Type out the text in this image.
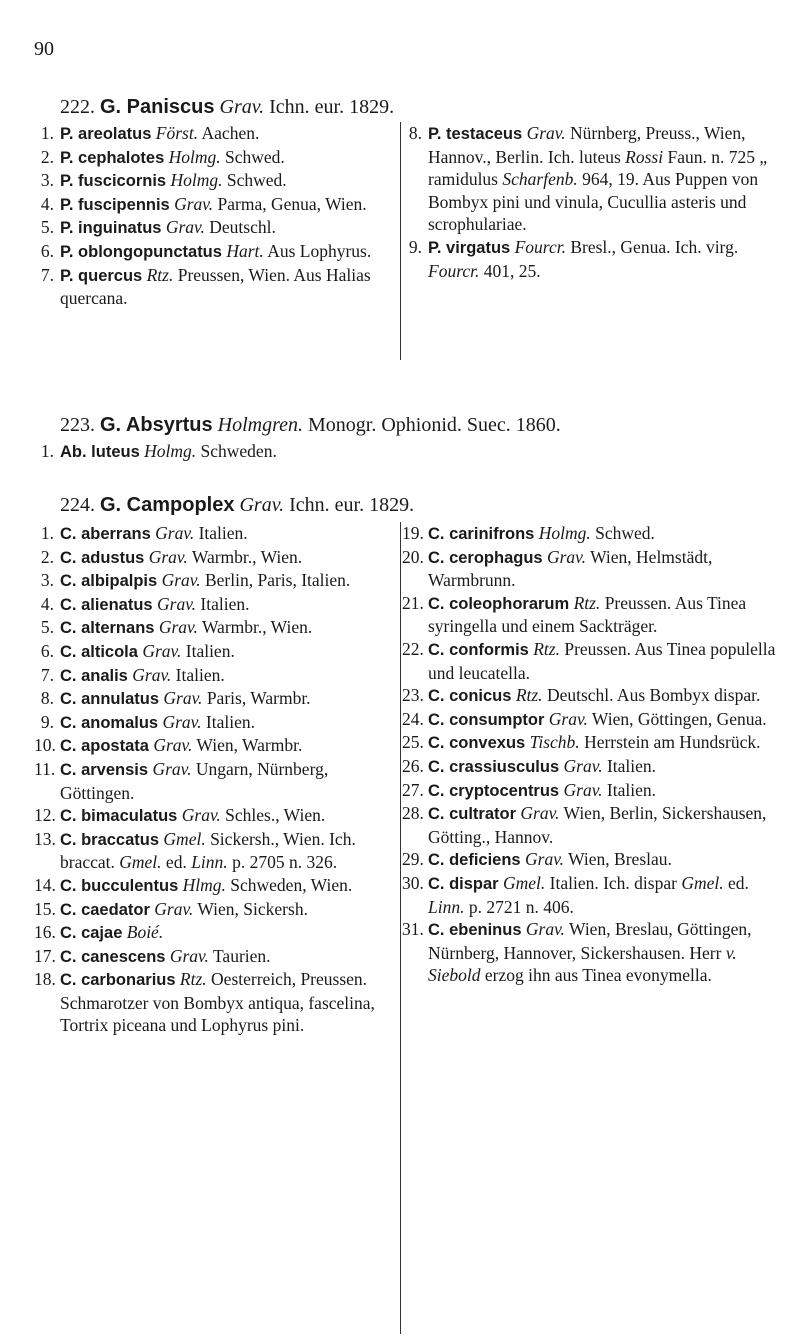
90
222. G. Paniscus Grav. Ichn. eur. 1829.
1. P. areolatus Först. Aachen.
2. P. cephalotes Holmg. Schwed.
3. P. fuscicornis Holmg. Schwed.
4. P. fuscipennis Grav. Parma, Genua, Wien.
5. P. inguinatus Grav. Deutschl.
6. P. oblongopunctatus Hart. Aus Lophyrus.
7. P. quercus Rtz. Preussen, Wien. Aus Halias quercana.
8. P. testaceus Grav. Nürnberg, Preuss., Wien, Hannov., Berlin. Ich. luteus Rossi Faun. n. 725 „ ramidulus Scharfenb. 964, 19. Aus Puppen von Bombyx pini und vinula, Cucullia asteris und scrophulariae.
9. P. virgatus Fourcr. Bresl., Genua. Ich. virg. Fourcr. 401, 25.
223. G. Absyrtus Holmgren. Monogr. Ophionid. Suec. 1860.
1. Ab. luteus Holmg. Schweden.
224. G. Campoplex Grav. Ichn. eur. 1829.
1. C. aberrans Grav. Italien.
2. C. adustus Grav. Warmbr., Wien.
3. C. albipalpis Grav. Berlin, Paris, Italien.
4. C. alienatus Grav. Italien.
5. C. alternans Grav. Warmbr., Wien.
6. C. alticola Grav. Italien.
7. C. analis Grav. Italien.
8. C. annulatus Grav. Paris, Warmbr.
9. C. anomalus Grav. Italien.
10. C. apostata Grav. Wien, Warmbr.
11. C. arvensis Grav. Ungarn, Nürnberg, Göttingen.
12. C. bimaculatus Grav. Schles., Wien.
13. C. braccatus Gmel. Sickersh., Wien. Ich. braccat. Gmel. ed. Linn. p. 2705 n. 326.
14. C. bucculentus Hlmg. Schweden, Wien.
15. C. caedator Grav. Wien, Sickersh.
16. C. cajae Boié.
17. C. canescens Grav. Taurien.
18. C. carbonarius Rtz. Oesterreich, Preussen. Schmarotzer von Bombyx antiqua, fascelina, Tortrix piceana und Lophyrus pini.
19. C. carinifrons Holmg. Schwed.
20. C. cerophagus Grav. Wien, Helmstädt, Warmbrunn.
21. C. coleophorarum Rtz. Preussen. Aus Tinea syringella und einem Sackträger.
22. C. conformis Rtz. Preussen. Aus Tinea populella und leucatella.
23. C. conicus Rtz. Deutschl. Aus Bombyx dispar.
24. C. consumptor Grav. Wien, Göttingen, Genua.
25. C. convexus Tischb. Herrstein am Hundsrück.
26. C. crassiusculus Grav. Italien.
27. C. cryptocentrus Grav. Italien.
28. C. cultrator Grav. Wien, Berlin, Sickershausen, Götting., Hannov.
29. C. deficiens Grav. Wien, Breslau.
30. C. dispar Gmel. Italien. Ich. dispar Gmel. ed. Linn. p. 2721 n. 406.
31. C. ebeninus Grav. Wien, Breslau, Göttingen, Nürnberg, Hannover, Sickershausen. Herr v. Siebold erzog ihn aus Tinea evonymella.
